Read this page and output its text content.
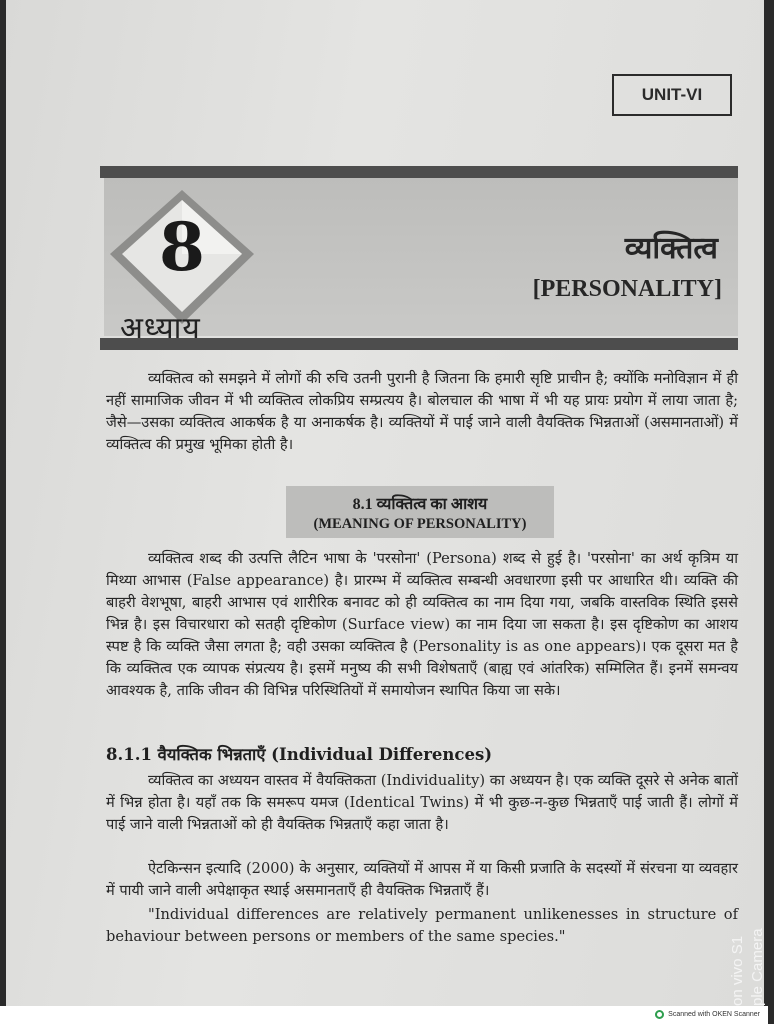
UNIT-VI
8
अध्याय
व्यक्तित्व
[PERSONALITY]
व्यक्तित्व को समझने में लोगों की रुचि उतनी पुरानी है जितना कि हमारी सृष्टि प्राचीन है; क्योंकि मनोविज्ञान में ही नहीं सामाजिक जीवन में भी व्यक्तित्व लोकप्रिय सम्प्रत्यय है। बोलचाल की भाषा में भी यह प्रायः प्रयोग में लाया जाता है; जैसे—उसका व्यक्तित्व आकर्षक है या अनाकर्षक है। व्यक्तियों में पाई जाने वाली वैयक्तिक भिन्नताओं (असमानताओं) में व्यक्तित्व की प्रमुख भूमिका होती है।
8.1 व्यक्तित्व का आशय
(MEANING OF PERSONALITY)
व्यक्तित्व शब्द की उत्पत्ति लैटिन भाषा के 'परसोना' (Persona) शब्द से हुई है। 'परसोना' का अर्थ कृत्रिम या मिथ्या आभास (False appearance) है। प्रारम्भ में व्यक्तित्व सम्बन्धी अवधारणा इसी पर आधारित थी। व्यक्ति की बाहरी वेशभूषा, बाहरी आभास एवं शारीरिक बनावट को ही व्यक्तित्व का नाम दिया गया, जबकि वास्तविक स्थिति इससे भिन्न है। इस विचारधारा को सतही दृष्टिकोण (Surface view) का नाम दिया जा सकता है। इस दृष्टिकोण का आशय स्पष्ट है कि व्यक्ति जैसा लगता है; वही उसका व्यक्तित्व है (Personality is as one appears)। एक दूसरा मत है कि व्यक्तित्व एक व्यापक संप्रत्यय है। इसमें मनुष्य की सभी विशेषताएँ (बाह्य एवं आंतरिक) सम्मिलित हैं। इनमें समन्वय आवश्यक है, ताकि जीवन की विभिन्न परिस्थितियों में समायोजन स्थापित किया जा सके।
8.1.1 वैयक्तिक भिन्नताएँ (Individual Differences)
व्यक्तित्व का अध्ययन वास्तव में वैयक्तिकता (Individuality) का अध्ययन है। एक व्यक्ति दूसरे से अनेक बातों में भिन्न होता है। यहाँ तक कि समरूप यमज (Identical Twins) में भी कुछ-न-कुछ भिन्नताएँ पाई जाती हैं। लोगों में पाई जाने वाली भिन्नताओं को ही वैयक्तिक भिन्नताएँ कहा जाता है।
ऐटकिन्सन इत्यादि (2000) के अनुसार, व्यक्तियों में आपस में या किसी प्रजाति के सदस्यों में संरचना या व्यवहार में पायी जाने वाली अपेक्षाकृत स्थाई असमानताएँ ही वैयक्तिक भिन्नताएँ हैं।
"Individual differences are relatively permanent unlikenesses in structure of behaviour between persons or members of the same species."	on vivo S1 ple Camera
Scanned with OKEN Scanner
